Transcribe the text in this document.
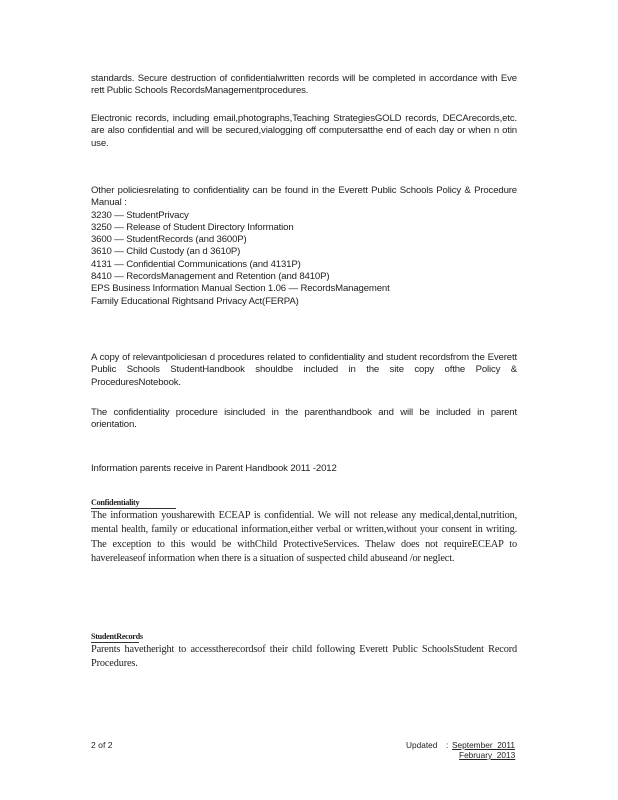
standards. Secure destruction of confidentialwritten records will be completed in accordance with Eve rett Public Schools RecordsManagementprocedures.

Electronic records, including email,photographs,Teaching StrategiesGOLD records, DECArecords,etc. are also confidential and will be secured,vialogging off computersatthe end of each day or when n otin use.

Other policiesrelating to confidentiality can be found in the Everett Public Schools Policy & Procedure Manual :

3230 — StudentPrivacy
3250 — Release of Student Directory Information
3600 — StudentRecords (and 3600P)
3610 — Child Custody (an d 3610P)
4131 — Confidential Communications (and 4131P)
8410 — RecordsManagement and Retention (and 8410P)
EPS Business Information Manual Section 1.06 — RecordsManagement
Family Educational Rightsand Privacy Act(FERPA)

A copy of relevantpoliciesan d procedures related to confidentiality and student recordsfrom the Everett Public Schools StudentHandbook shouldbe included in the site copy ofthe Policy & ProceduresNotebook.

The confidentiality procedure isincluded in the parenthandbook and will be included in parent orientation.

Information parents receive in Parent Handbook 2011 -2012

Confidentiality

The information yousharewith ECEAP is confidential. We will not release any medical,dental,nutrition, mental health, family or educational information,either verbal or written,without your consent in writing. The exception to this would be withChild ProtectiveServices. Thelaw does not requireECEAP to havereleaseof information when there is a situation of suspected child abuseand /or neglect.

StudentRecords

Parents havetheright to accesstherecordsof their child following Everett Public SchoolsStudent Record Procedures.

2 of 2	Updated	: September  2011
February  2013
